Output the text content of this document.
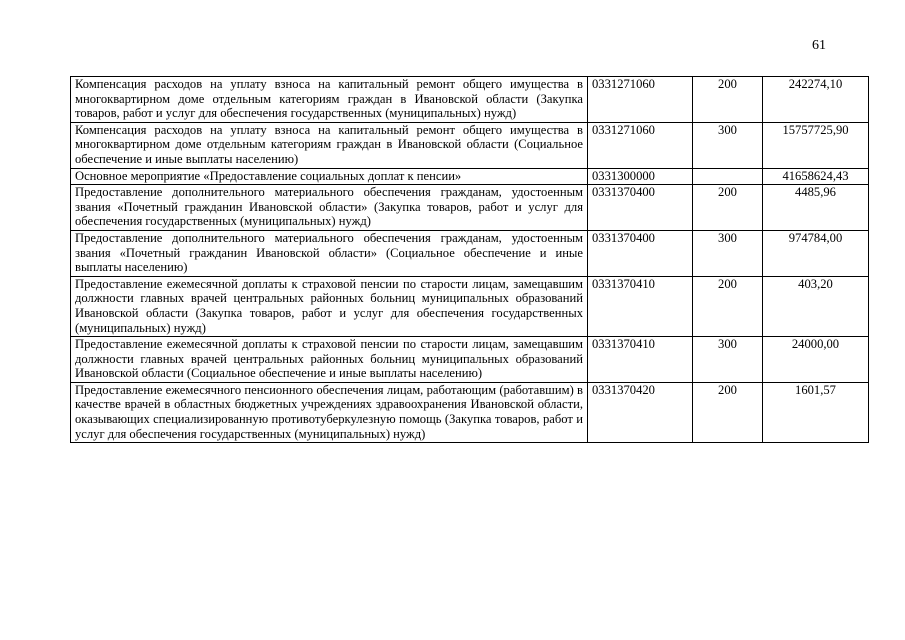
61
Компенсация расходов на уплату взноса на капитальный ремонт общего имущества в многоквартирном доме отдельным категориям граждан в Ивановской области (Закупка товаров, работ и услуг для обеспечения государственных (муниципальных) нужд)	0331271060	200	242274,10
Компенсация расходов на уплату взноса на капитальный ремонт общего имущества в многоквартирном доме отдельным категориям граждан в Ивановской области (Социальное обеспечение и иные выплаты населению)	0331271060	300	15757725,90
Основное мероприятие «Предоставление социальных доплат к пенсии»	0331300000		41658624,43
Предоставление дополнительного материального обеспечения гражданам, удостоенным звания «Почетный гражданин Ивановской области» (Закупка товаров, работ и услуг для обеспечения государственных (муниципальных) нужд)	0331370400	200	4485,96
Предоставление дополнительного материального обеспечения гражданам, удостоенным звания «Почетный гражданин Ивановской области» (Социальное обеспечение и иные выплаты населению)	0331370400	300	974784,00
Предоставление ежемесячной доплаты к страховой пенсии по старости лицам, замещавшим должности главных врачей центральных районных больниц муниципальных образований Ивановской области (Закупка товаров, работ и услуг для обеспечения государственных (муниципальных) нужд)	0331370410	200	403,20
Предоставление ежемесячной доплаты к страховой пенсии по старости лицам, замещавшим должности главных врачей центральных районных больниц муниципальных образований Ивановской области (Социальное обеспечение и иные выплаты населению)	0331370410	300	24000,00
Предоставление ежемесячного пенсионного обеспечения лицам, работающим (работавшим) в качестве врачей в областных бюджетных учреждениях здравоохранения Ивановской области, оказывающих специализированную противотуберкулезную помощь (Закупка товаров, работ и услуг для обеспечения государственных (муниципальных) нужд)	0331370420	200	1601,57
